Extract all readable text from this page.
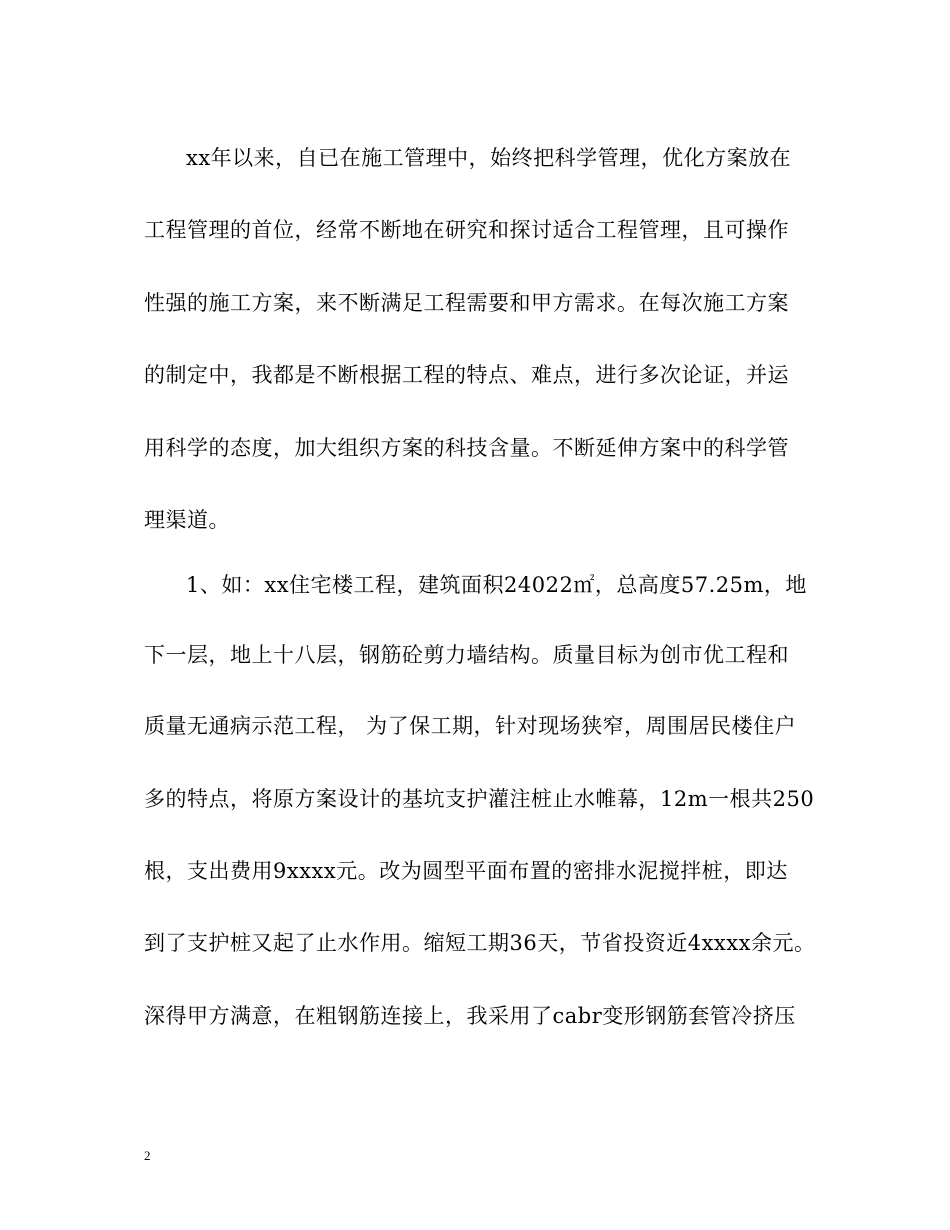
xx年以来，自已在施工管理中，始终把科学管理，优化方案放在
工程管理的首位，经常不断地在研究和探讨适合工程管理，且可操作
性强的施工方案，来不断满足工程需要和甲方需求。在每次施工方案
的制定中，我都是不断根据工程的特点、难点，进行多次论证，并运
用科学的态度，加大组织方案的科技含量。不断延伸方案中的科学管
理渠道。
1、如：xx住宅楼工程，建筑面积24022㎡，总高度57.25m，地
下一层，地上十八层，钢筋砼剪力墙结构。质量目标为创市优工程和
质量无通病示范工程， 为了保工期，针对现场狭窄，周围居民楼住户
多的特点，将原方案设计的基坑支护灌注桩止水帷幕，12m一根共250
根，支出费用9xxxx元。改为圆型平面布置的密排水泥搅拌桩，即达
到了支护桩又起了止水作用。缩短工期36天，节省投资近4xxxx余元。
深得甲方满意，在粗钢筋连接上，我采用了cabr变形钢筋套管冷挤压
2
